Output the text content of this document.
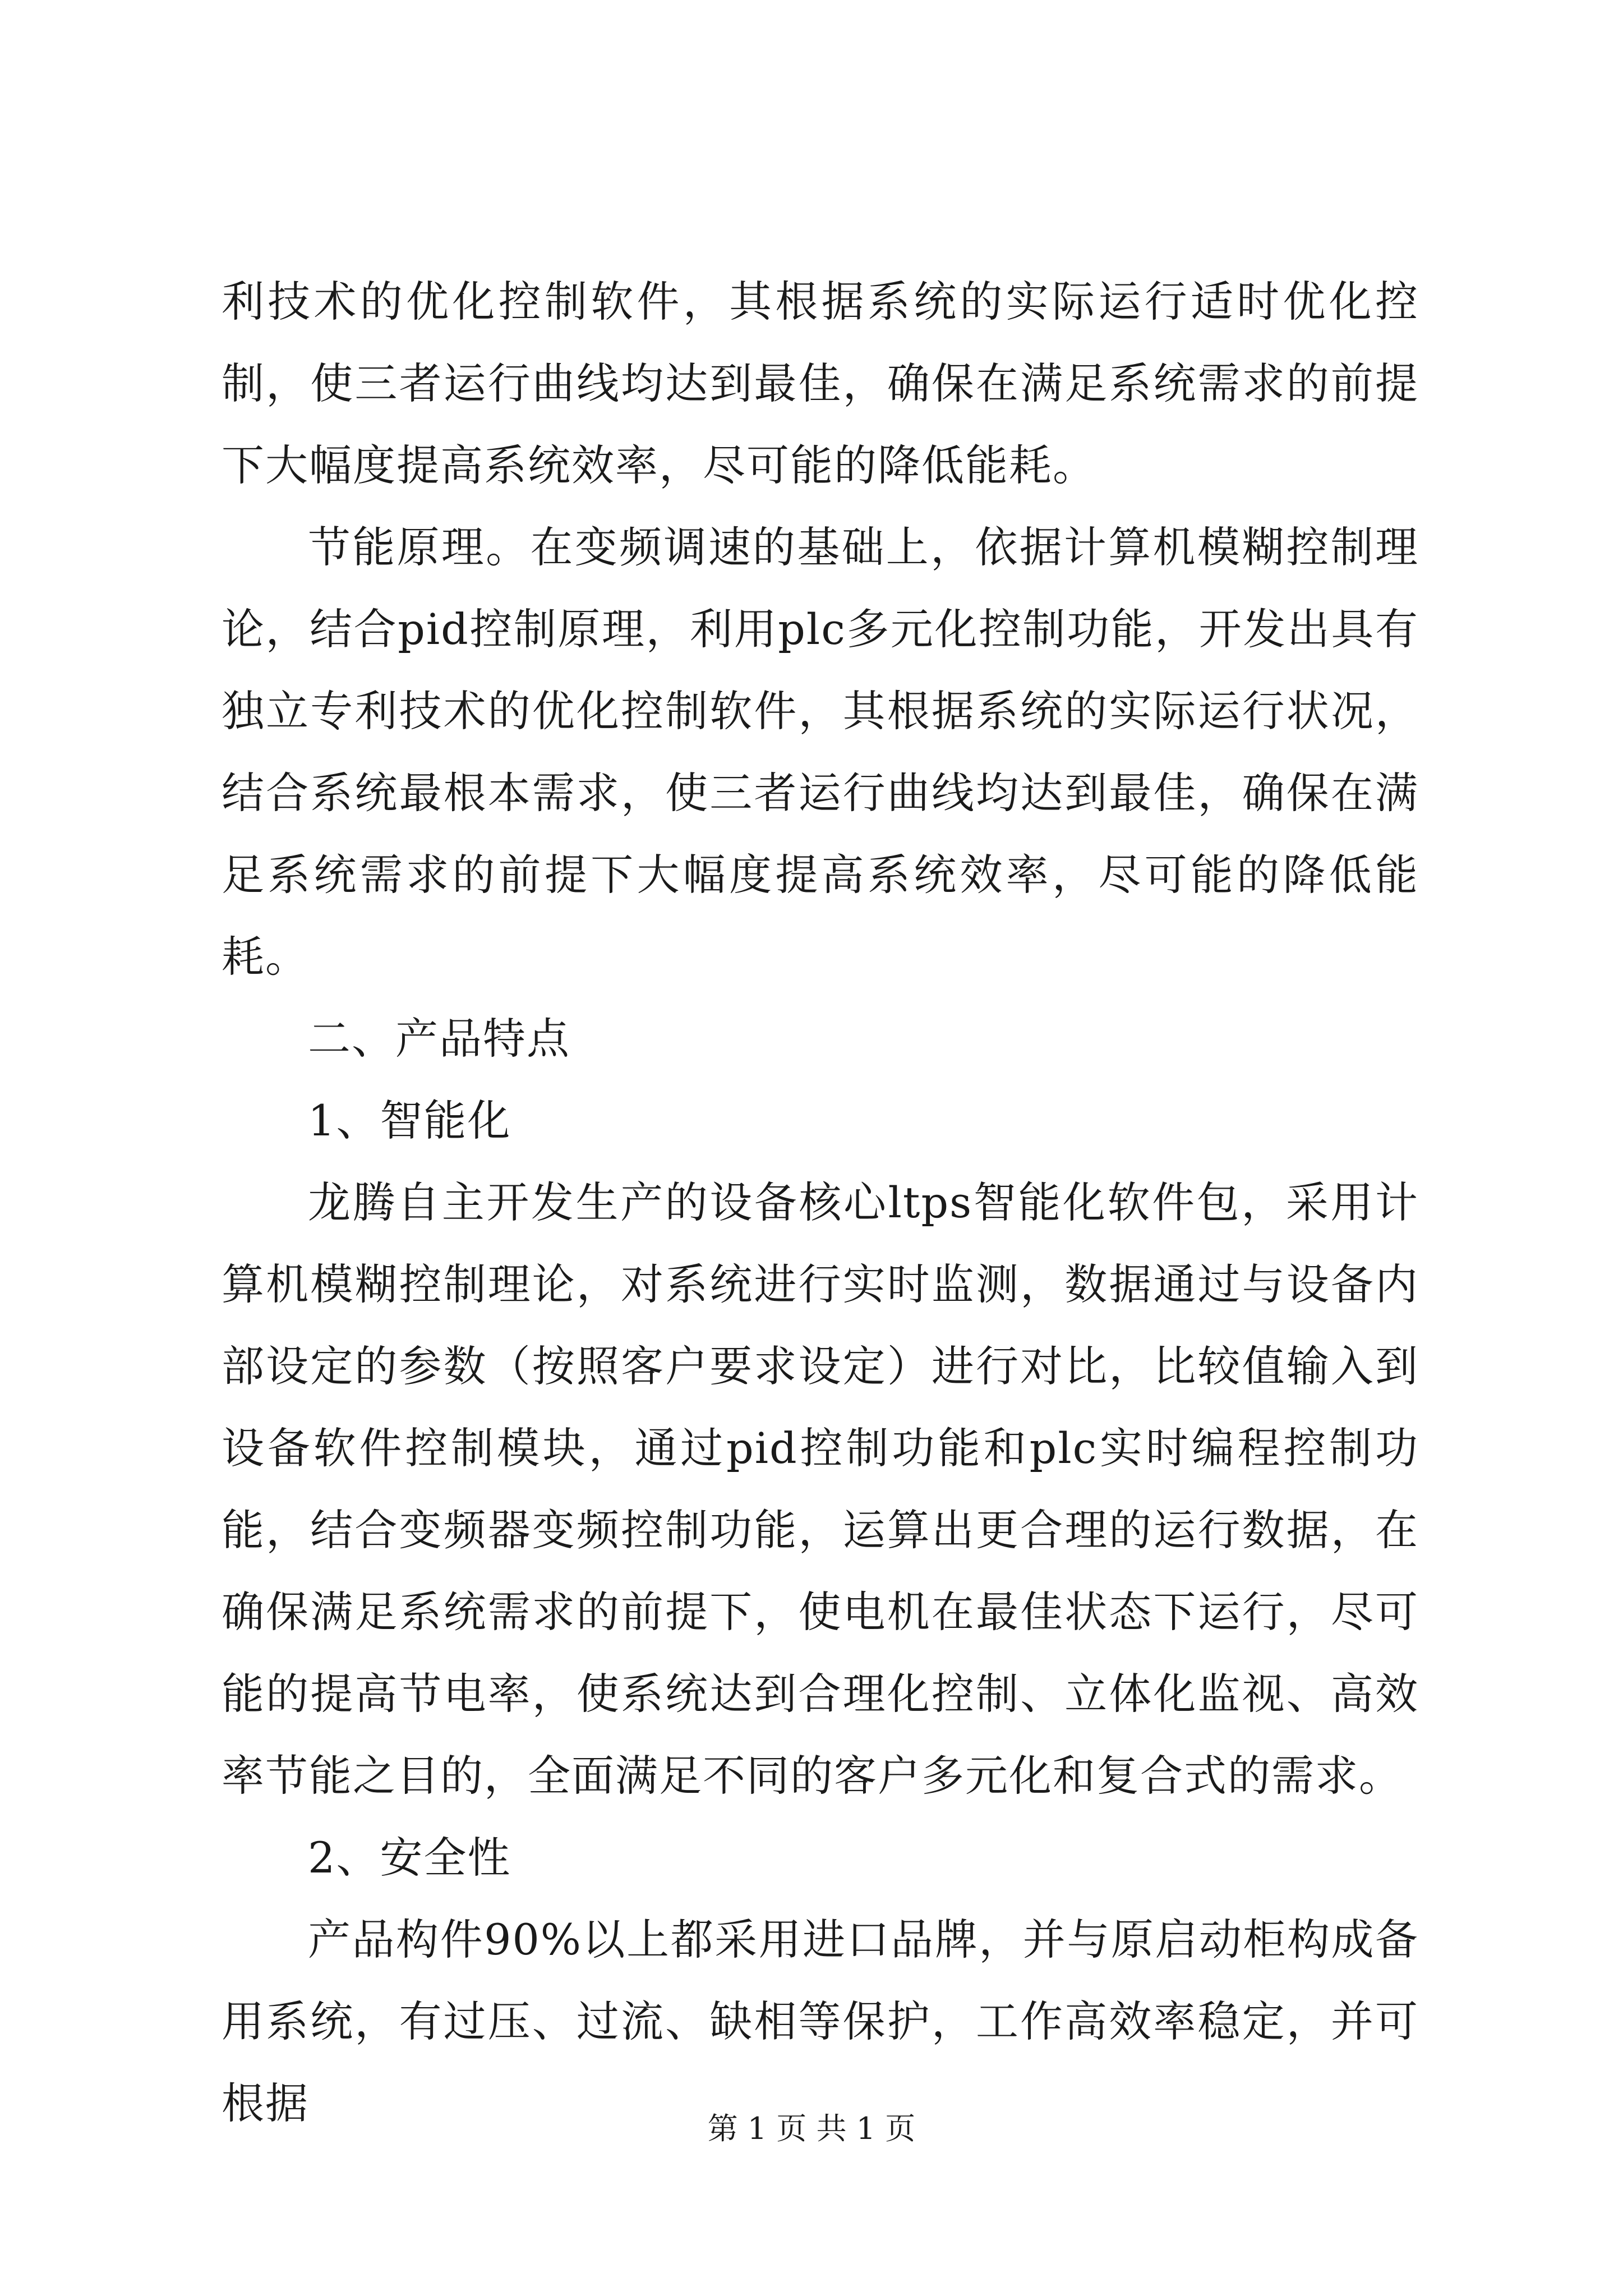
利技术的优化控制软件，其根据系统的实际运行适时优化控制，使三者运行曲线均达到最佳，确保在满足系统需求的前提下大幅度提高系统效率，尽可能的降低能耗。

节能原理。在变频调速的基础上，依据计算机模糊控制理论，结合pid控制原理，利用plc多元化控制功能，开发出具有独立专利技术的优化控制软件，其根据系统的实际运行状况，结合系统最根本需求，使三者运行曲线均达到最佳，确保在满足系统需求的前提下大幅度提高系统效率，尽可能的降低能耗。

二、产品特点

1、智能化

龙腾自主开发生产的设备核心ltps智能化软件包，采用计算机模糊控制理论，对系统进行实时监测，数据通过与设备内部设定的参数（按照客户要求设定）进行对比，比较值输入到设备软件控制模块，通过pid控制功能和plc实时编程控制功能，结合变频器变频控制功能，运算出更合理的运行数据，在确保满足系统需求的前提下，使电机在最佳状态下运行，尽可能的提高节电率，使系统达到合理化控制、立体化监视、高效率节能之目的，全面满足不同的客户多元化和复合式的需求。

2、安全性

产品构件90%以上都采用进口品牌，并与原启动柜构成备用系统，有过压、过流、缺相等保护，工作高效率稳定，并可根据

第 1 页 共 1 页
